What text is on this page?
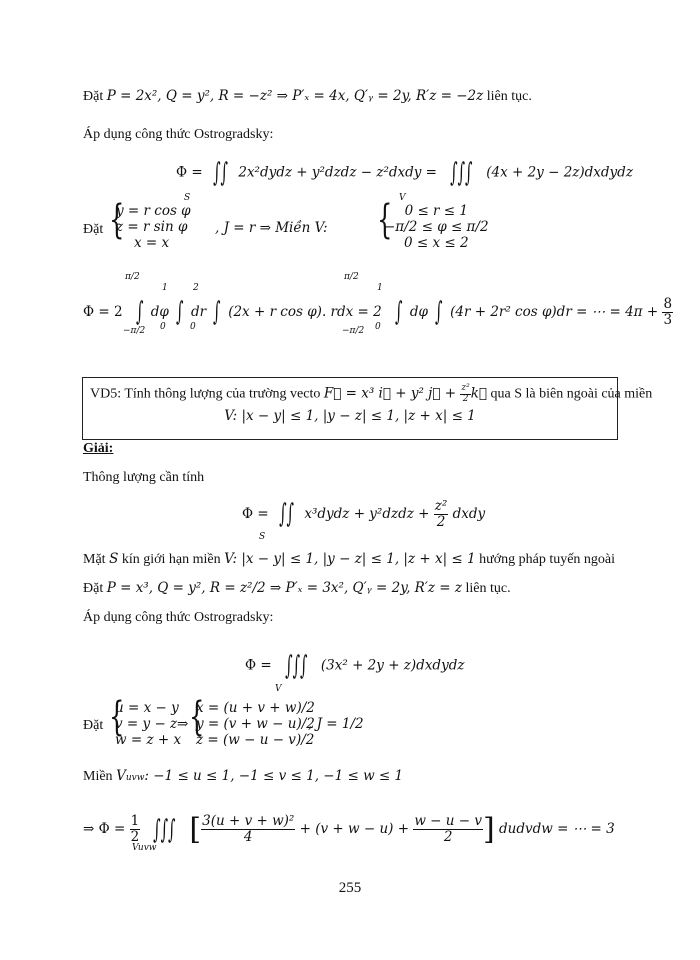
Đặt P = 2x², Q = y², R = −z² ⇒ P′ₓ = 4x, Q′ᵧ = 2y, R′z = −2z liên tục.
Áp dụng công thức Ostrogradsky:
Φ = ∫∫ 2x²dydz + y²dzdz − z²dxdy = ∫∫∫ (4x + 2y − 2z)dxdydz
S	V
Đặt {
y = r cos φ
z = r sin φ
x = x
, J = r ⇒ Miền V: { 0 ≤ r ≤ 1
−π/2 ≤ φ ≤ π/2
0 ≤ x ≤ 2
Φ = 2 ∫ dφ ∫ dr ∫ (2x + r cos φ). rdx = 2 ∫ dφ ∫ (4r + 2r² cos φ)dr = ⋯ = $4\pi + \frac{8}{3}$
π/2
−π/2
1
0
2
0
π/2
−π/2
1
0
VD5: Tính thông lượng của trường vecto F⃗ = x³ i⃗ + y² j⃗ + $\frac{\text{z²}}{2}$ k⃗ qua S là biên ngoài của miền
V: |x − y| ≤ 1, |y − z| ≤ 1, |z + x| ≤ 1
Giải:
Thông lượng cần tính
Φ = ∫∫ x³dydz + y²dzdz + $\frac{\text{z²}}{2}$ dxdy
S
Mặt S kín giới hạn miền V: |x − y| ≤ 1, |y − z| ≤ 1, |z + x| ≤ 1 hướng pháp tuyến ngoài
Đặt P = x³, Q = y², R = z²/2 ⇒ P′ₓ = 3x², Q′ᵧ = 2y, R′z = z liên tục.
Áp dụng công thức Ostrogradsky:
Φ = ∫∫∫ (3x² + 2y + z)dxdydz
V
Đặt {
u = x − y
v = y − z
w = z + x
⇒ {
x = (u + v + w)/2
y = (v + w − u)/2
z = (w − u − v)/2
, J = 1/2
Miền Vuvw: −1 ≤ u ≤ 1, −1 ≤ v ≤ 1, −1 ≤ w ≤ 1
⇒ $\Phi = \frac{1}{2}$ ∫∫∫ [ $\frac{\text{3(u + v + w)²}}{4} + (v + w - u) + \frac{w - u - v}{2}$ ] dudvdw = ⋯ = 3
Vuvw
255
